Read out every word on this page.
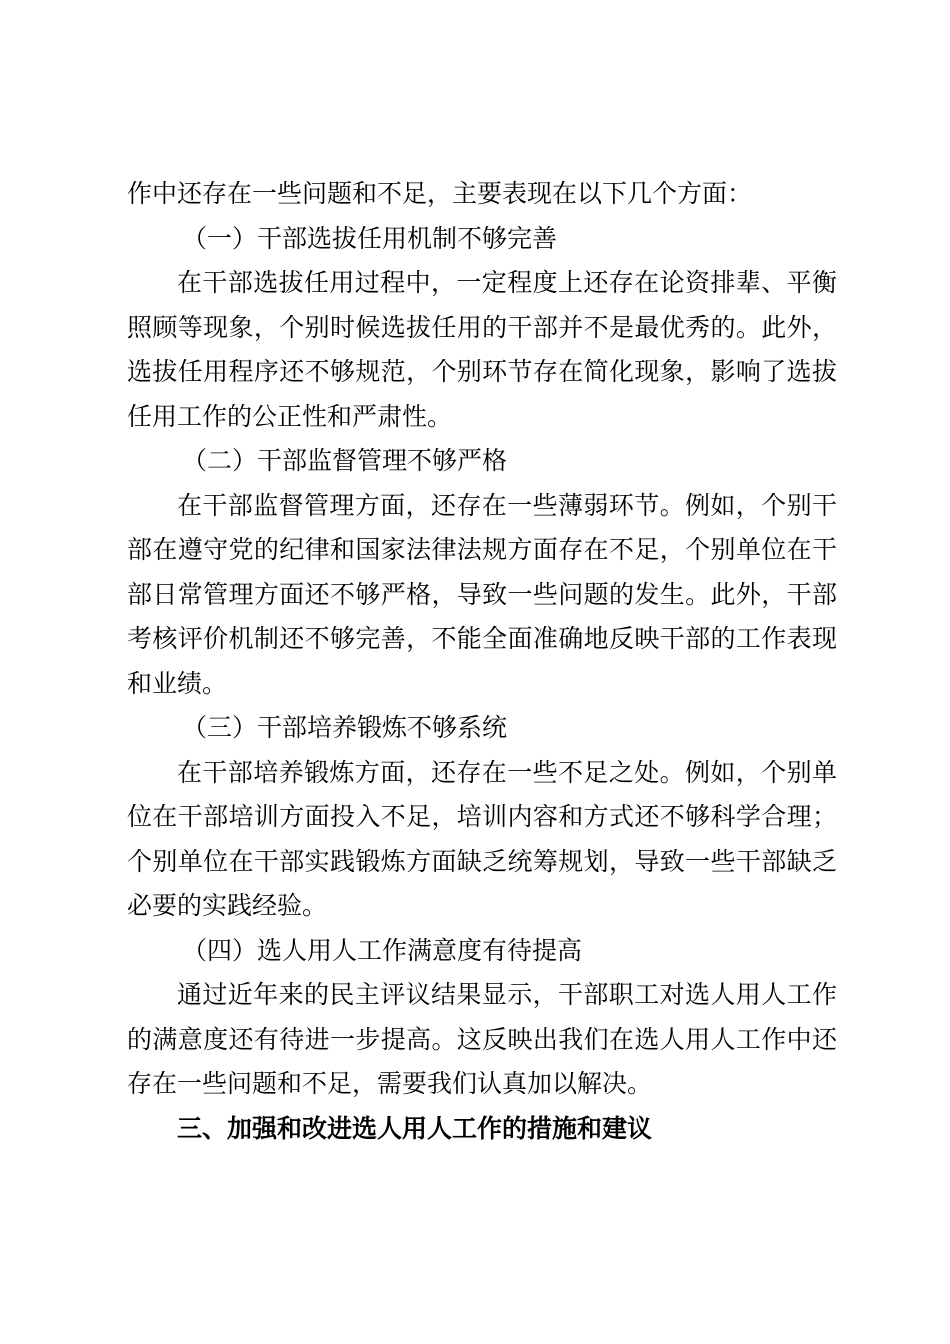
作中还存在一些问题和不足，主要表现在以下几个方面：

（一）干部选拔任用机制不够完善

在干部选拔任用过程中，一定程度上还存在论资排辈、平衡照顾等现象，个别时候选拔任用的干部并不是最优秀的。此外，选拔任用程序还不够规范，个别环节存在简化现象，影响了选拔任用工作的公正性和严肃性。

（二）干部监督管理不够严格

在干部监督管理方面，还存在一些薄弱环节。例如，个别干部在遵守党的纪律和国家法律法规方面存在不足，个别单位在干部日常管理方面还不够严格，导致一些问题的发生。此外，干部考核评价机制还不够完善，不能全面准确地反映干部的工作表现和业绩。

（三）干部培养锻炼不够系统

在干部培养锻炼方面，还存在一些不足之处。例如，个别单位在干部培训方面投入不足，培训内容和方式还不够科学合理；个别单位在干部实践锻炼方面缺乏统筹规划，导致一些干部缺乏必要的实践经验。

（四）选人用人工作满意度有待提高

通过近年来的民主评议结果显示，干部职工对选人用人工作的满意度还有待进一步提高。这反映出我们在选人用人工作中还存在一些问题和不足，需要我们认真加以解决。

三、加强和改进选人用人工作的措施和建议
